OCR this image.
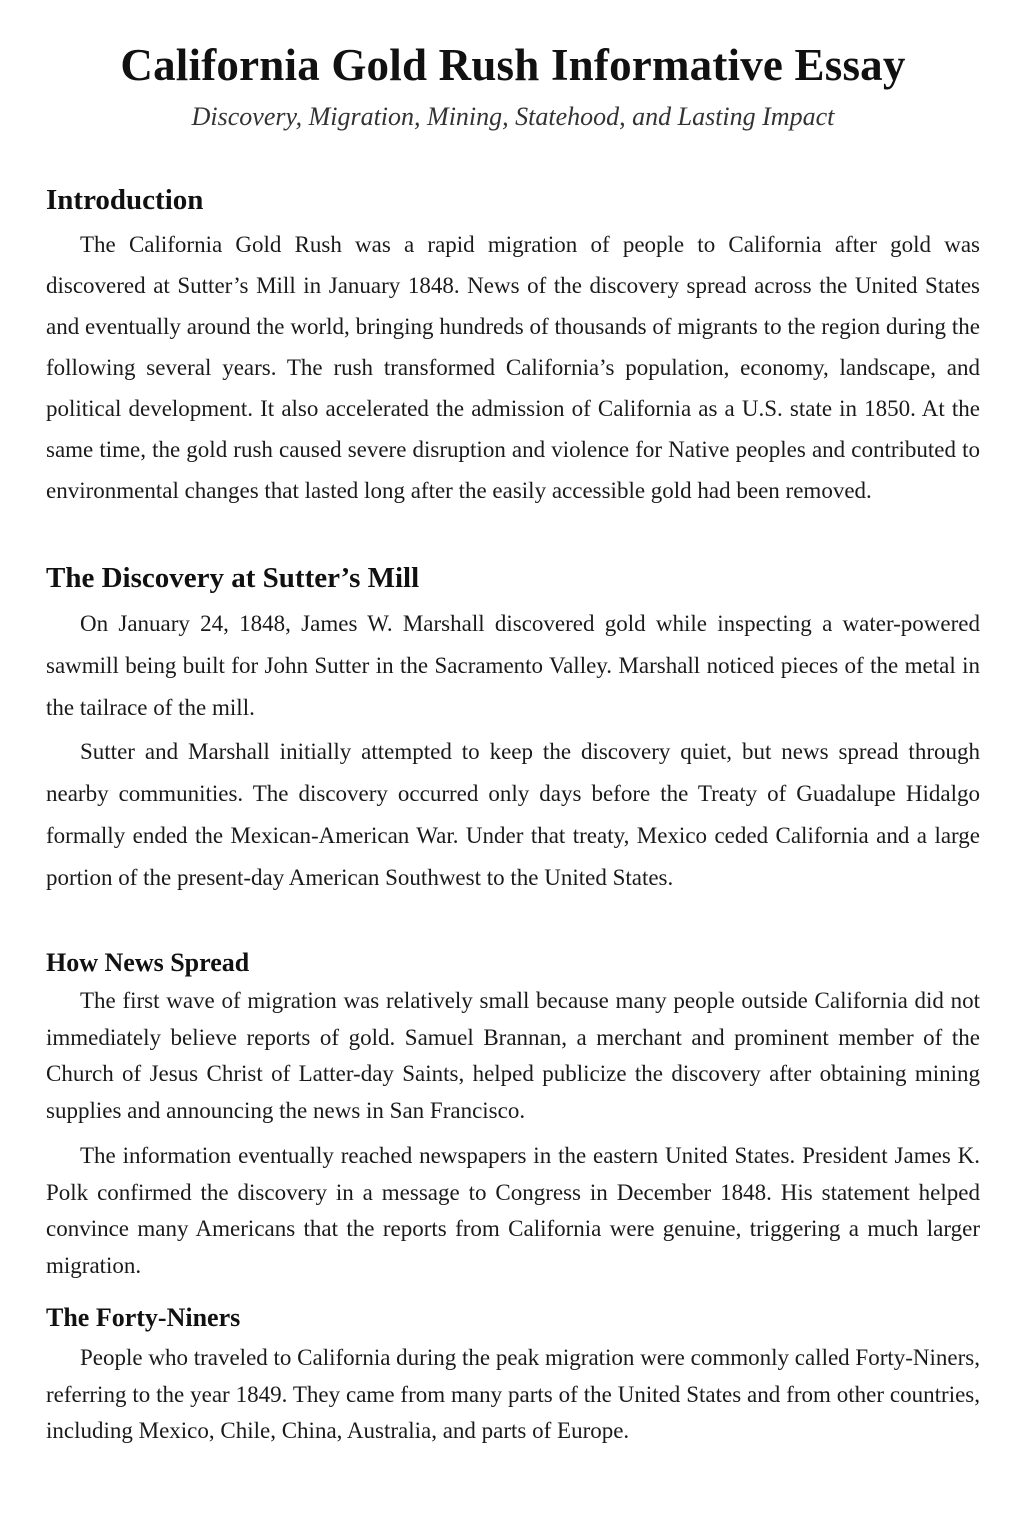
California Gold Rush Informative Essay
Discovery, Migration, Mining, Statehood, and Lasting Impact
Introduction

The California Gold Rush was a rapid migration of people to California after gold was discovered at Sutter’s Mill in January 1848. News of the discovery spread across the United States and eventually around the world, bringing hundreds of thousands of migrants to the region during the following several years. The rush transformed California’s population, economy, landscape, and political development. It also accelerated the admission of California as a U.S. state in 1850. At the same time, the gold rush caused severe disruption and violence for Native peoples and contributed to environmental changes that lasted long after the easily accessible gold had been removed.

The Discovery at Sutter’s Mill

On January 24, 1848, James W. Marshall discovered gold while inspecting a water-powered sawmill being built for John Sutter in the Sacramento Valley. Marshall noticed pieces of the metal in the tailrace of the mill.

Sutter and Marshall initially attempted to keep the discovery quiet, but news spread through nearby communities. The discovery occurred only days before the Treaty of Guadalupe Hidalgo formally ended the Mexican-American War. Under that treaty, Mexico ceded California and a large portion of the present-day American Southwest to the United States.

How News Spread

The first wave of migration was relatively small because many people outside California did not immediately believe reports of gold. Samuel Brannan, a merchant and prominent member of the Church of Jesus Christ of Latter-day Saints, helped publicize the discovery after obtaining mining supplies and announcing the news in San Francisco.

The information eventually reached newspapers in the eastern United States. President James K. Polk confirmed the discovery in a message to Congress in December 1848. His statement helped convince many Americans that the reports from California were genuine, triggering a much larger migration.

The Forty-Niners

People who traveled to California during the peak migration were commonly called Forty-Niners, referring to the year 1849. They came from many parts of the United States and from other countries, including Mexico, Chile, China, Australia, and parts of Europe.
